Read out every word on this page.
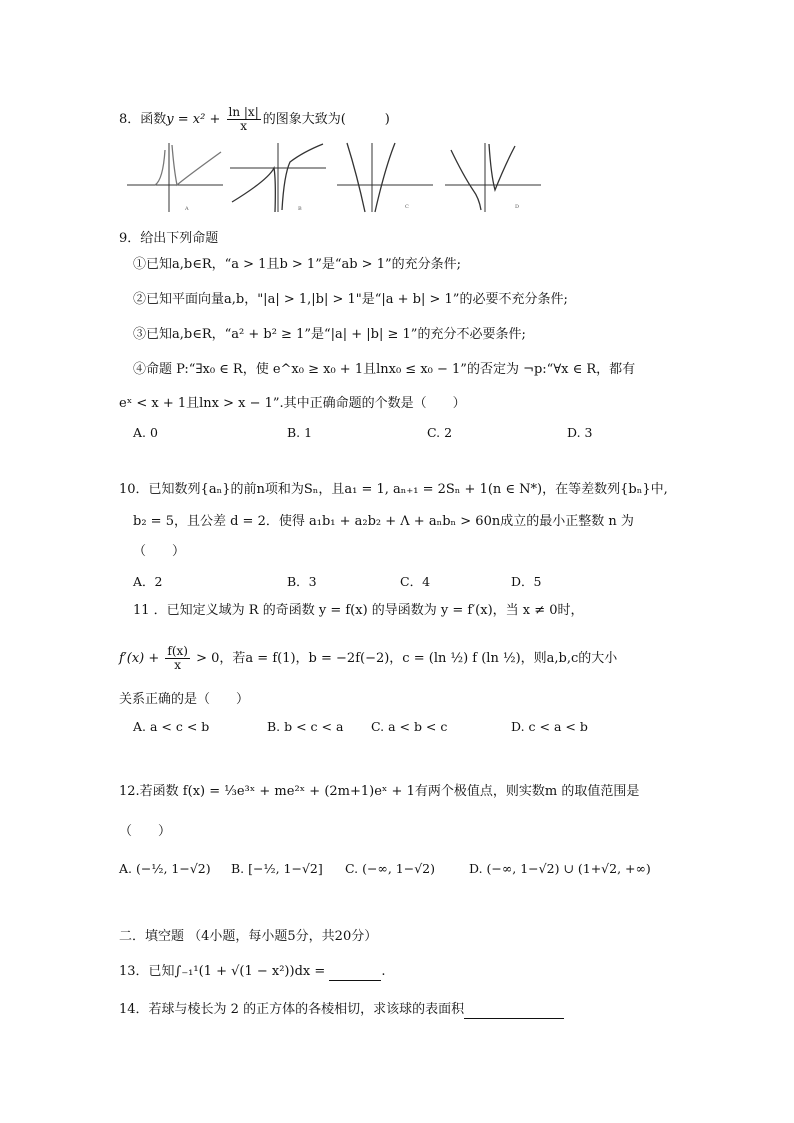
8．函数$y = x^2 + \frac{\ln |x|}{x}$ 的图象大致为(　　　)
A	B	C	D
9．给出下列命题
①已知a,b∈R，“a > 1且b > 1”是“ab > 1”的充分条件;
②已知平面向量a,b，"|a| > 1,|b| > 1"是“|a + b| > 1”的必要不充分条件;
③已知a,b∈R，“a² + b² ≥ 1”是“|a| + |b| ≥ 1”的充分不必要条件;
④命题 P:“∃x₀ ∈ R，使 e^x₀ ≥ x₀ + 1且lnx₀ ≤ x₀ − 1”的否定为 ¬p:“∀x ∈ R，都有
eˣ < x + 1且lnx > x − 1”.其中正确命题的个数是（　　）
A. 0	B. 1	C. 2	D. 3
10．已知数列{aₙ}的前n项和为Sₙ，且a₁ = 1, aₙ₊₁ = 2Sₙ + 1(n ∈ N*)，在等差数列{bₙ}中,
b₂ = 5，且公差 d = 2．使得 a₁b₁ + a₂b₂ + Λ + aₙbₙ > 60n成立的最小正整数 n 为
（　　）
A．2	B．3	C．4	D．5
11 ．已知定义域为 R 的奇函数 y = f(x) 的导函数为 y = f′(x)，当 x ≠ 0时，
$f'(x) + \frac{f(x)}{x} > 0$，若a = f(1)，b = −2f(−2)，c = (ln ½) f (ln ½)，则a,b,c的大小
关系正确的是（　　）
A. a < c < b	B. b < c < a C. a < b < c	D. c < a < b
12.若函数 f(x) = ⅓e³ˣ + me²ˣ + (2m+1)eˣ + 1有两个极值点，则实数m 的取值范围是
（　　）
A. (−½, 1−√2) B. [−½, 1−√2] C. (−∞, 1−√2)	D. (−∞, 1−√2) ∪ (1+√2, +∞)
二．填空题 （4小题，每小题5分，共20分）
13．已知∫₋₁¹(1 + √(1 − x²))dx =	.
14．若球与棱长为 2 的正方体的各棱相切，求该球的表面积
